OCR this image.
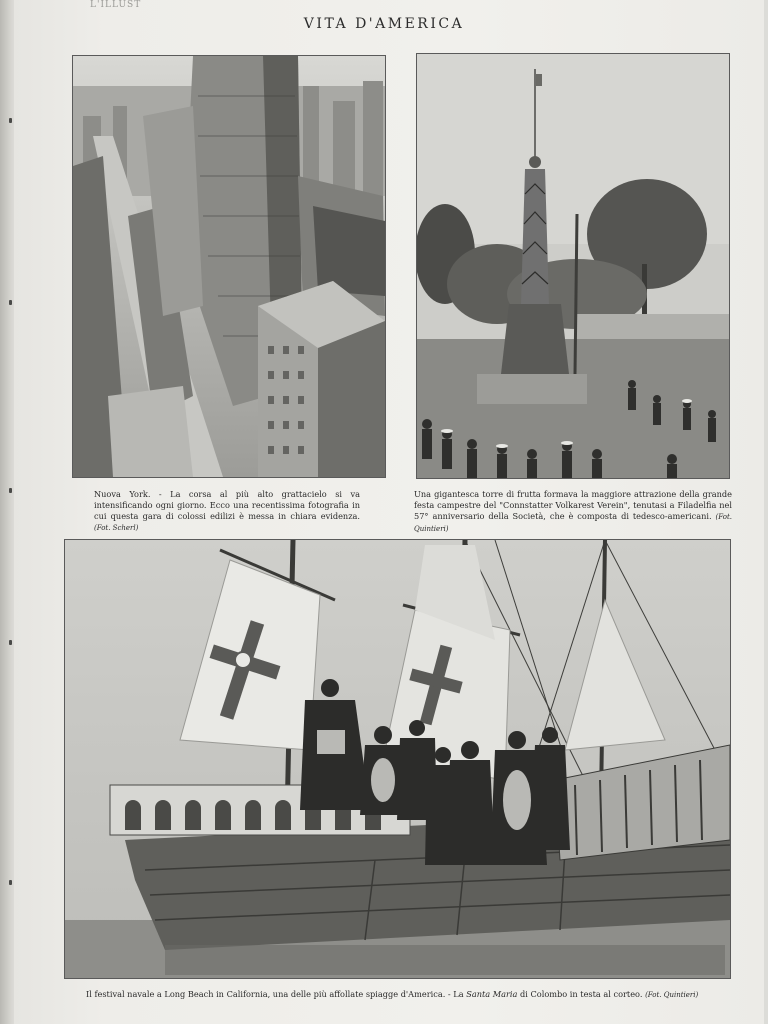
L'ILLUST
VITA D'AMERICA
Nuova York. - La corsa al più alto grattacielo si va intensificando ogni giorno. Ecco una recentissima fotografia in cui questa gara di colossi edilizi è messa in chiara evidenza. (Fot. Scherl)
Una gigantesca torre di frutta formava la maggiore attrazione della grande festa campestre del "Connstatter Volkarest Verein", tenutasi a Filadelfia nel 57° anniversario della Società, che è composta di tedesco-americani. (Fot. Quintieri)
Il festival navale a Long Beach in California, una delle più affollate spiagge d'America. - La Santa Maria di Colombo in testa al corteo. (Fot. Quintieri)
